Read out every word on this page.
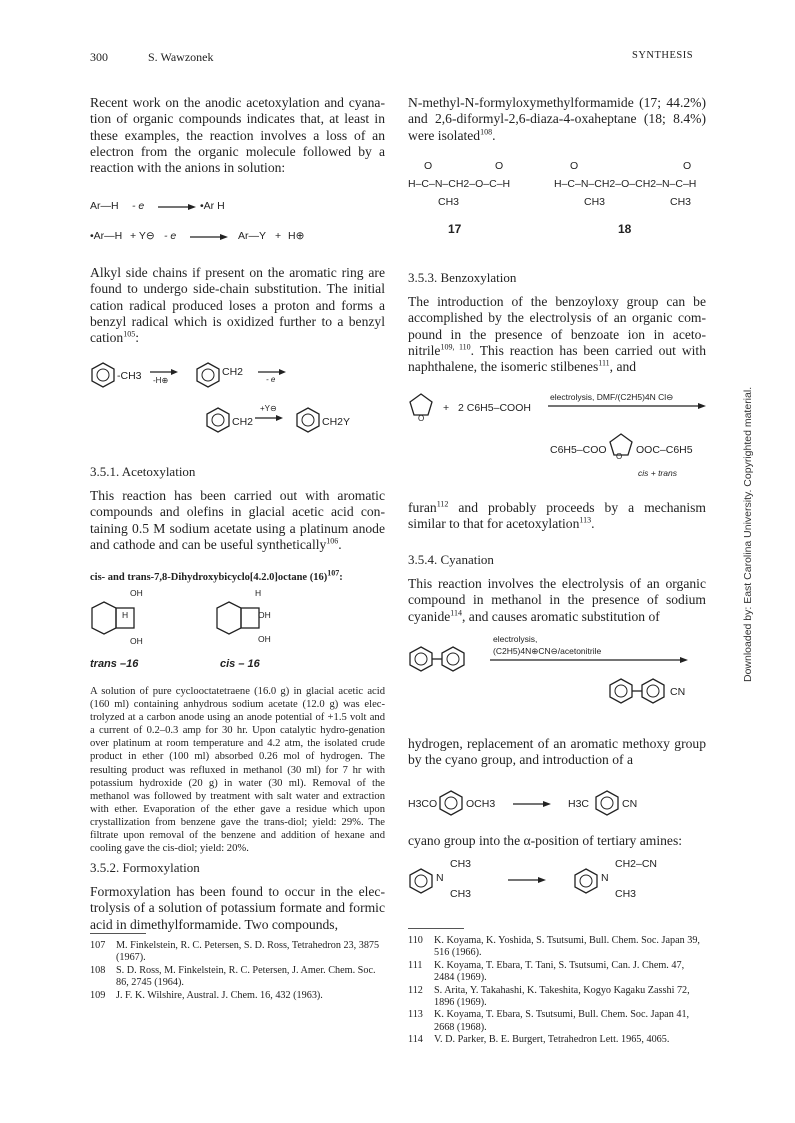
300	S. Wawzonek	SYNTHESIS

Recent work on the anodic acetoxylation and cyana-tion of organic compounds indicates that, at least in these examples, the reaction involves a loss of an electron from the organic molecule followed by a reaction with the anions in solution:

Ar—H - e	•Ar H
•Ar—H + Y⊖ - e	Ar—Y + H⊕

Alkyl side chains if present on the aromatic ring are found to undergo side-chain substitution. The initial cation radical produced loses a proton and forms a benzyl radical which is oxidized further to a benzyl cation$^{105}$:

-CH3 -H⊕
CH2
- e
CH2
+Y⊖
CH2Y
3.5.1. Acetoxylation

This reaction has been carried out with aromatic compounds and olefins in glacial acetic acid con-taining 0.5 M sodium acetate using a platinum anode and cathode and can be useful synthetically$^{106}$.

cis- and trans-7,8-Dihydroxybicyclo[4.2.0]octane $(16)^{107}$:
OH
H
OH
H
OH
OH
trans –16	cis – 16
A solution of pure cyclooctatetraene (16.0 g) in glacial acetic acid (160 ml) containing anhydrous sodium acetate (12.0 g) was elec-trolyzed at a carbon anode using an anode potential of +1.5 volt and a current of 0.2–0.3 amp for 30 hr. Upon catalytic hydro-genation over platinum at room temperature and 4.2 atm, the isolated crude product in ether (100 ml) absorbed 0.26 mol of hydrogen. The resulting product was refluxed in methanol (30 ml) for 7 hr with potassium hydroxide (20 g) in water (30 ml). Removal of the methanol was followed by treatment with salt water and extraction with ether. Evaporation of the ether gave a residue which upon crystallization from benzene gave the trans-diol; yield: 29%. The filtrate upon removal of the benzene and addition of hexane and cooling gave the cis-diol; yield: 20%.
3.5.2. Formoxylation

Formoxylation has been found to occur in the elec-trolysis of a solution of potassium formate and formic acid in dimethylformamide. Two compounds,

107 M. Finkelstein, R. C. Petersen, S. D. Ross, Tetrahedron 23, 3875 (1967).
108 S. D. Ross, M. Finkelstein, R. C. Petersen, J. Amer. Chem. Soc. 86, 2745 (1964).
109 J. F. K. Wilshire, Austral. J. Chem. 16, 432 (1963).

N-methyl-N-formyloxymethylformamide (17; 44.2%) and 2,6-diformyl-2,6-diaza-4-oxaheptane (18; 8.4%) were isolated$^{108}$.

O	O
H–C–N–CH2–O–C–H
CH3
17
O	O
H–C–N–CH2–O–CH2–N–C–H
CH3	CH3
18
3.5.3. Benzoxylation

The introduction of the benzoyloxy group can be accomplished by the electrolysis of an organic com-pound in the presence of benzoate ion in aceto-nitrile$^{109, 110}$. This reaction has been carried out with naphthalene, the isomeric stilbenes$^{111}$, and

O
+ 2 C6H5–COOH
electrolysis, DMF/(C2H5)4N Cl⊖
C6H5–COO
O
OOC–C6H5
cis + trans

furan$^{112}$ and probably proceeds by a mechanism similar to that for acetoxylation$^{113}$.

3.5.4. Cyanation

This reaction involves the electrolysis of an organic compound in methanol in the presence of sodium cyanide$^{114}$, and causes aromatic substitution of

electrolysis,
(C2H5)4N⊕CN⊖/acetonitrile
CN

hydrogen, replacement of an aromatic methoxy group by the cyano group, and introduction of a

H3CO	OCH3	H3C	CN

cyano group into the α-position of tertiary amines:

N
CH3
CH3
N
CH2–CN
CH3
110 K. Koyama, K. Yoshida, S. Tsutsumi, Bull. Chem. Soc. Japan 39, 516 (1966).
111 K. Koyama, T. Ebara, T. Tani, S. Tsutsumi, Can. J. Chem. 47, 2484 (1969).
112 S. Arita, Y. Takahashi, K. Takeshita, Kogyo Kagaku Zasshi 72, 1896 (1969).
113 K. Koyama, T. Ebara, S. Tsutsumi, Bull. Chem. Soc. Japan 41, 2668 (1968).
114 V. D. Parker, B. E. Burgert, Tetrahedron Lett. 1965, 4065.
Downloaded by: East Carolina University. Copyrighted material.
